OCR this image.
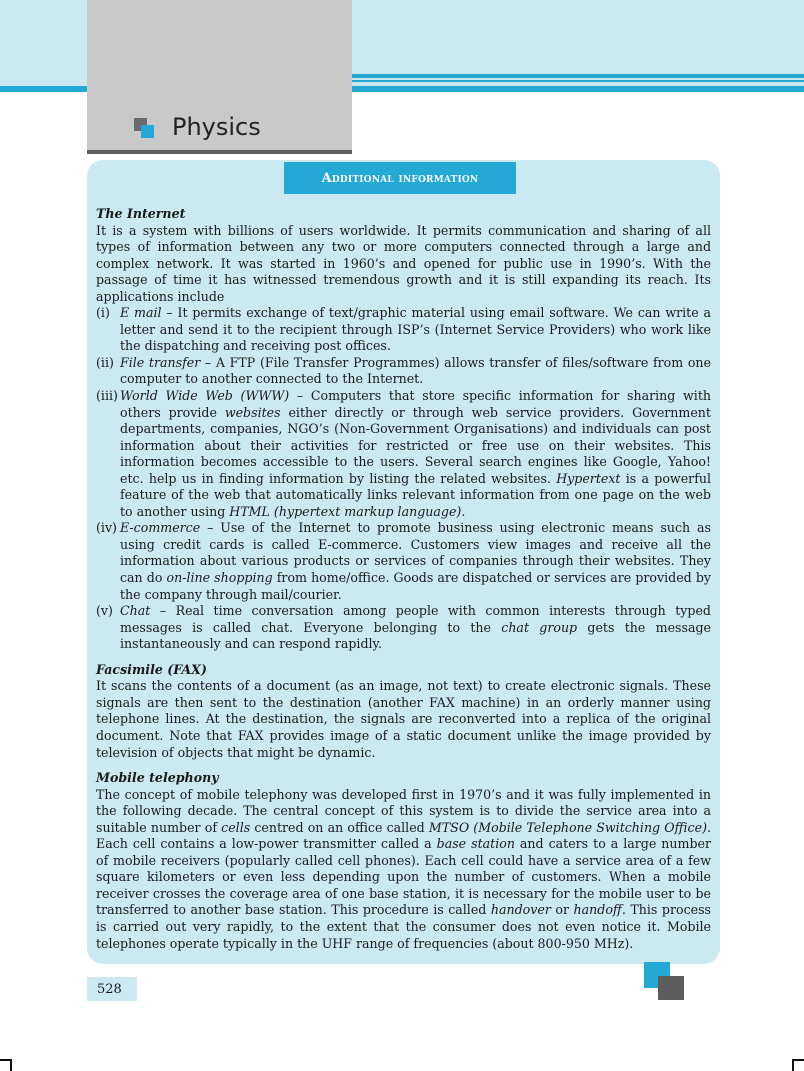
Physics
Additional information

The Internet

It is a system with billions of users worldwide. It permits communication and sharing of all types of information between any two or more computers connected through a large and complex network. It was started in 1960’s and opened for public use in 1990’s. With the passage of time it has witnessed tremendous growth and it is still expanding its reach. Its applications include

(i) E mail – It permits exchange of text/graphic material using email software. We can write a letter and send it to the recipient through ISP’s (Internet Service Providers) who work like the dispatching and receiving post offices.
(ii) File transfer – A FTP (File Transfer Programmes) allows transfer of files/software from one computer to another connected to the Internet.
(iii) World Wide Web (WWW) – Computers that store specific information for sharing with others provide websites either directly or through web service providers. Government departments, companies, NGO’s (Non-Government Organisations) and individuals can post information about their activities for restricted or free use on their websites. This information becomes accessible to the users. Several search engines like Google, Yahoo! etc. help us in finding information by listing the related websites. Hypertext is a powerful feature of the web that automatically links relevant information from one page on the web to another using HTML (hypertext markup language).
(iv) E-commerce – Use of the Internet to promote business using electronic means such as using credit cards is called E-commerce. Customers view images and receive all the information about various products or services of companies through their websites. They can do on-line shopping from home/office. Goods are dispatched or services are provided by the company through mail/courier.
(v) Chat – Real time conversation among people with common interests through typed messages is called chat. Everyone belonging to the chat group gets the message instantaneously and can respond rapidly.

Facsimile (FAX)

It scans the contents of a document (as an image, not text) to create electronic signals. These signals are then sent to the destination (another FAX machine) in an orderly manner using telephone lines. At the destination, the signals are reconverted into a replica of the original document. Note that FAX provides image of a static document unlike the image provided by television of objects that might be dynamic.

Mobile telephony

The concept of mobile telephony was developed first in 1970’s and it was fully implemented in the following decade. The central concept of this system is to divide the service area into a suitable number of cells centred on an office called MTSO (Mobile Telephone Switching Office). Each cell contains a low-power transmitter called a base station and caters to a large number of mobile receivers (popularly called cell phones). Each cell could have a service area of a few square kilometers or even less depending upon the number of customers. When a mobile receiver crosses the coverage area of one base station, it is necessary for the mobile user to be transferred to another base station. This procedure is called handover or handoff. This process is carried out very rapidly, to the extent that the consumer does not even notice it. Mobile telephones operate typically in the UHF range of frequencies (about 800-950 MHz).

528
